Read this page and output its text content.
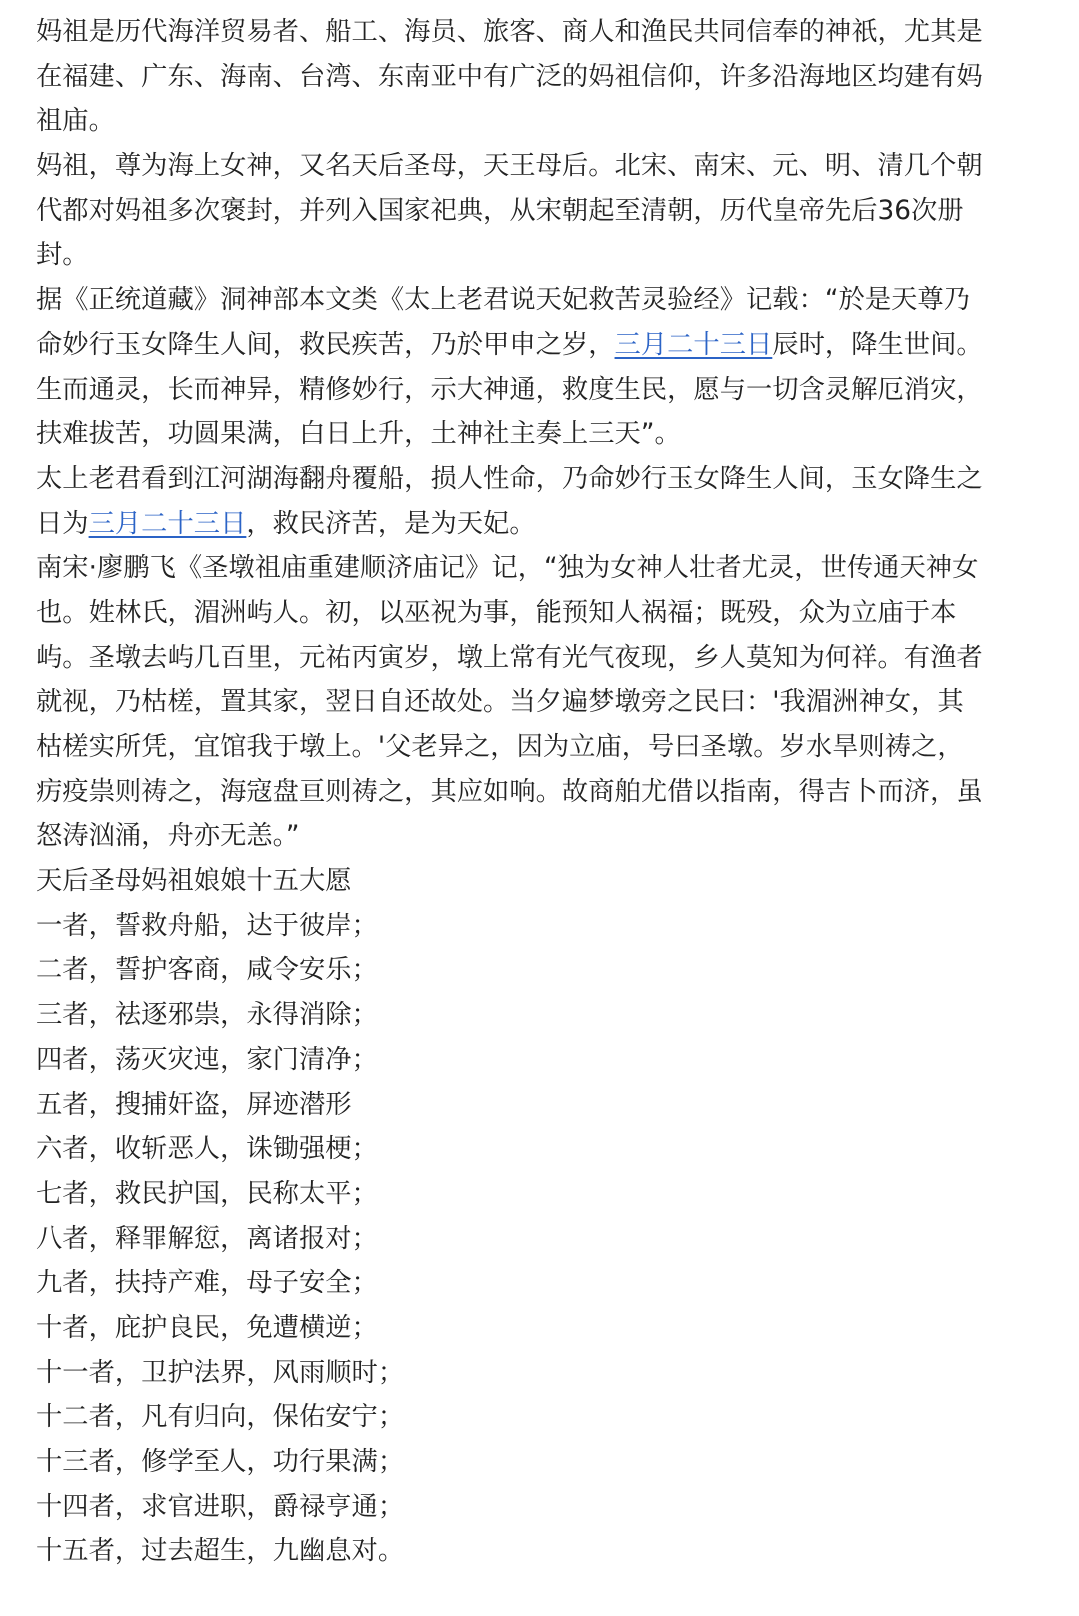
妈祖是历代海洋贸易者、船工、海员、旅客、商人和渔民共同信奉的神祇，尤其是
在福建、广东、海南、台湾、东南亚中有广泛的妈祖信仰，许多沿海地区均建有妈
祖庙。
妈祖，尊为海上女神，又名天后圣母，天王母后。北宋、南宋、元、明、清几个朝
代都对妈祖多次褒封，并列入国家祀典，从宋朝起至清朝，历代皇帝先后36次册
封。
据《正统道藏》洞神部本文类《太上老君说天妃救苦灵验经》记载：“於是天尊乃
命妙行玉女降生人间，救民疾苦，乃於甲申之岁，三月二十三日辰时，降生世间。
生而通灵，长而神异，精修妙行，示大神通，救度生民，愿与一切含灵解厄消灾，
扶难拔苦，功圆果满，白日上升，土神社主奏上三天”。
太上老君看到江河湖海翻舟覆船，损人性命，乃命妙行玉女降生人间，玉女降生之
日为三月二十三日，救民济苦，是为天妃。
南宋·廖鹏飞《圣墩祖庙重建顺济庙记》记，“独为女神人壮者尤灵，世传通天神女
也。姓林氏，湄洲屿人。初，以巫祝为事，能预知人祸福；既殁，众为立庙于本
屿。圣墩去屿几百里，元祐丙寅岁，墩上常有光气夜现，乡人莫知为何祥。有渔者
就视，乃枯槎，置其家，翌日自还故处。当夕遍梦墩旁之民曰：'我湄洲神女，其
枯槎实所凭，宜馆我于墩上。'父老异之，因为立庙，号曰圣墩。岁水旱则祷之，
疠疫祟则祷之，海寇盘亘则祷之，其应如响。故商舶尤借以指南，得吉卜而济，虽
怒涛汹涌，舟亦无恙。”
天后圣母妈祖娘娘十五大愿
一者，誓救舟船，达于彼岸；
二者，誓护客商，咸令安乐；
三者，祛逐邪祟，永得消除；
四者，荡灭灾迍，家门清净；
五者，搜捕奸盗，屏迹潜形
六者，收斩恶人，诛锄强梗；
七者，救民护国，民称太平；
八者，释罪解愆，离诸报对；
九者，扶持产难，母子安全；
十者，庇护良民，免遭横逆；
十一者，卫护法界，风雨顺时；
十二者，凡有归向，保佑安宁；
十三者，修学至人，功行果满；
十四者，求官进职，爵禄亨通；
十五者，过去超生，九幽息对。
